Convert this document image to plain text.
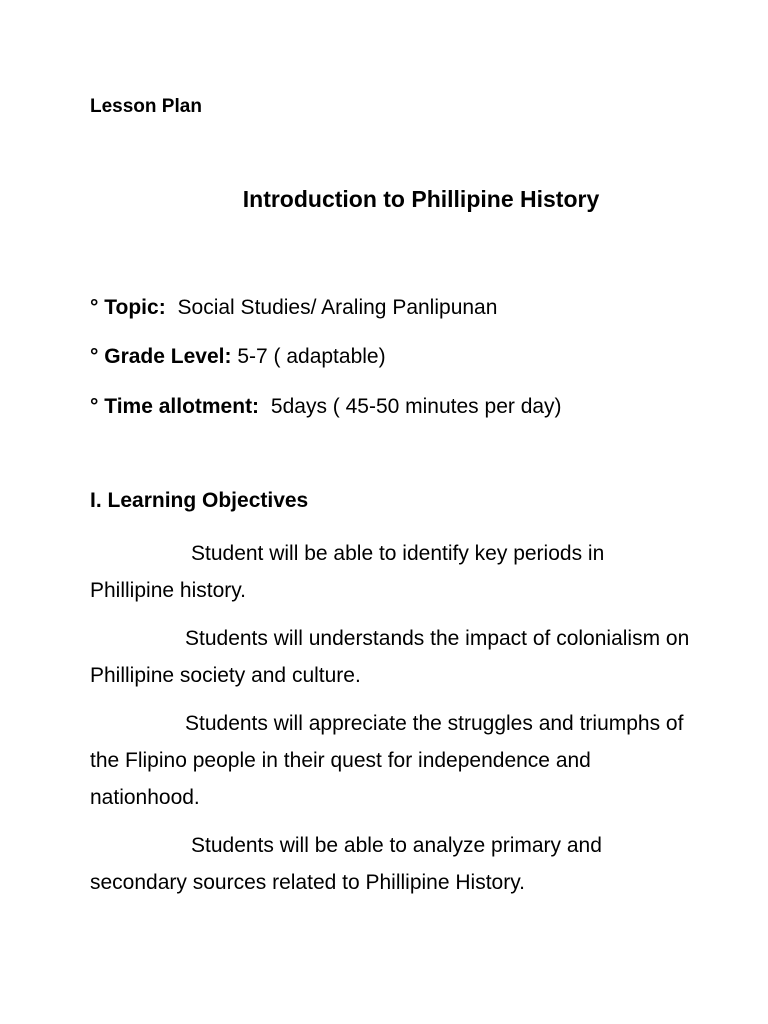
Lesson Plan
Introduction to Phillipine History
° Topic: Social Studies/ Araling Panlipunan
° Grade Level: 5-7 ( adaptable)
° Time allotment: 5days ( 45-50 minutes per day)
I. Learning Objectives

Student will be able to identify key periods in Phillipine history.

Students will understands the impact of colonialism on Phillipine society and culture.

Students will appreciate the struggles and triumphs of the Flipino people in their quest for independence and nationhood.

Students will be able to analyze primary and secondary sources related to Phillipine History.
